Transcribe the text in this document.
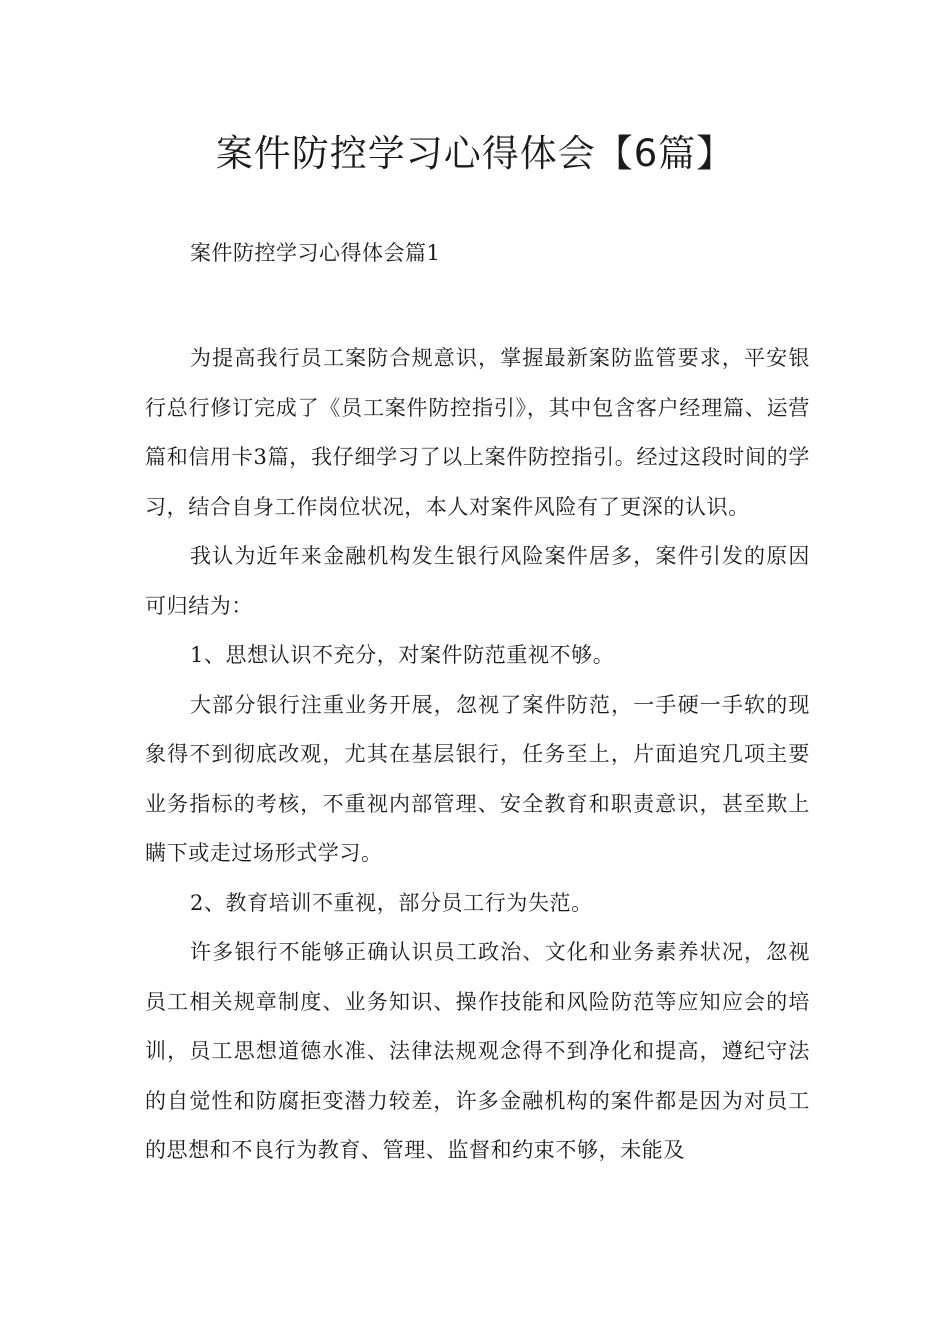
案件防控学习心得体会【6篇】
案件防控学习心得体会篇1

为提高我行员工案防合规意识，掌握最新案防监管要求，平安银行总行修订完成了《员工案件防控指引》，其中包含客户经理篇、运营篇和信用卡3篇，我仔细学习了以上案件防控指引。经过这段时间的学习，结合自身工作岗位状况，本人对案件风险有了更深的认识。

我认为近年来金融机构发生银行风险案件居多，案件引发的原因可归结为：

1、思想认识不充分，对案件防范重视不够。

大部分银行注重业务开展，忽视了案件防范，一手硬一手软的现象得不到彻底改观，尤其在基层银行，任务至上，片面追究几项主要业务指标的考核，不重视内部管理、安全教育和职责意识，甚至欺上瞒下或走过场形式学习。

2、教育培训不重视，部分员工行为失范。

许多银行不能够正确认识员工政治、文化和业务素养状况，忽视员工相关规章制度、业务知识、操作技能和风险防范等应知应会的培训，员工思想道德水准、法律法规观念得不到净化和提高，遵纪守法的自觉性和防腐拒变潜力较差，许多金融机构的案件都是因为对员工的思想和不良行为教育、管理、监督和约束不够，未能及
